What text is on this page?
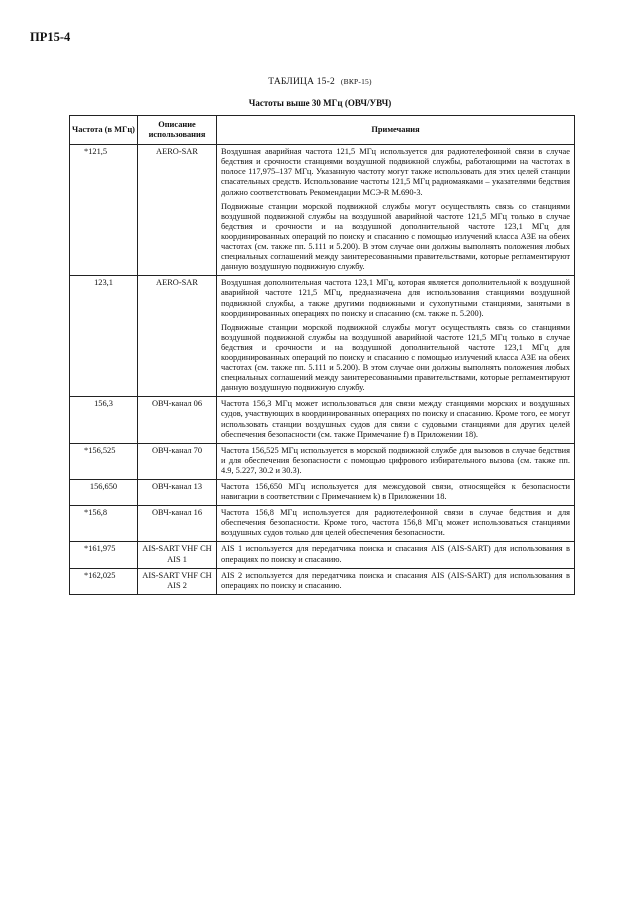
ПР15-4
ТАБЛИЦА 15-2 (ВКР-15)
Частоты выше 30 МГц (ОВЧ/УВЧ)
Частота (в МГц)	Описание использования	Примечания
*121,5	AERO-SAR	Воздушная аварийная частота 121,5 МГц используется для радиотелефонной связи в случае бедствия и срочности станциями воздушной подвижной службы, работающими на частотах в полосе 117,975–137 МГц. Указанную частоту могут также использовать для этих целей станции спасательных средств. Использование частоты 121,5 МГц радиомаяками – указателями бедствия должно соответствовать Рекомендации МСЭ-R M.690-3.

Подвижные станции морской подвижной службы могут осуществлять связь со станциями воздушной подвижной службы на воздушной аварийной частоте 121,5 МГц только в случае бедствия и срочности и на воздушной дополнительной частоте 123,1 МГц для координированных операций по поиску и спасанию с помощью излучений класса A3E на обеих частотах (см. также пп. 5.111 и 5.200). В этом случае они должны выполнять положения любых специальных соглашений между заинтересованными правительствами, которые регламентируют данную воздушную подвижную службу.

123,1	AERO-SAR	Воздушная дополнительная частота 123,1 МГц, которая является дополнительной к воздушной аварийной частоте 121,5 МГц, предназначена для использования станциями воздушной подвижной службы, а также другими подвижными и сухопутными станциями, занятыми в координированных операциях по поиску и спасанию (см. также п. 5.200).

Подвижные станции морской подвижной службы могут осуществлять связь со станциями воздушной подвижной службы на воздушной аварийной частоте 121,5 МГц только в случае бедствия и срочности и на воздушной дополнительной частоте 123,1 МГц для координированных операций по поиску и спасанию с помощью излучений класса A3E на обеих частотах (см. также пп. 5.111 и 5.200). В этом случае они должны выполнять положения любых специальных соглашений между заинтересованными правительствами, которые регламентируют данную воздушную подвижную службу.

156,3	ОВЧ-канал 06	Частота 156,3 МГц может использоваться для связи между станциями морских и воздушных судов, участвующих в координированных операциях по поиску и спасанию. Кроме того, ее могут использовать станции воздушных судов для связи с судовыми станциями для других целей обеспечения безопасности (см. также Примечание f) в Приложении 18).

*156,525	ОВЧ-канал 70	Частота 156,525 МГц используется в морской подвижной службе для вызовов в случае бедствия и для обеспечения безопасности с помощью цифрового избирательного вызова (см. также пп. 4.9, 5.227, 30.2 и 30.3).

156,650	ОВЧ-канал 13	Частота 156,650 МГц используется для межсудовой связи, относящейся к безопасности навигации в соответствии с Примечанием k) в Приложении 18.

*156,8	ОВЧ-канал 16	Частота 156,8 МГц используется для радиотелефонной связи в случае бедствия и для обеспечения безопасности. Кроме того, частота 156,8 МГц может использоваться станциями воздушных судов только для целей обеспечения безопасности.

*161,975	AIS-SART VHF CH AIS 1	AIS 1 используется для передатчика поиска и спасания AIS (AIS-SART) для использования в операциях по поиску и спасанию.

*162,025	AIS-SART VHF CH AIS 2	AIS 2 используется для передатчика поиска и спасания AIS (AIS-SART) для использования в операциях по поиску и спасанию.
